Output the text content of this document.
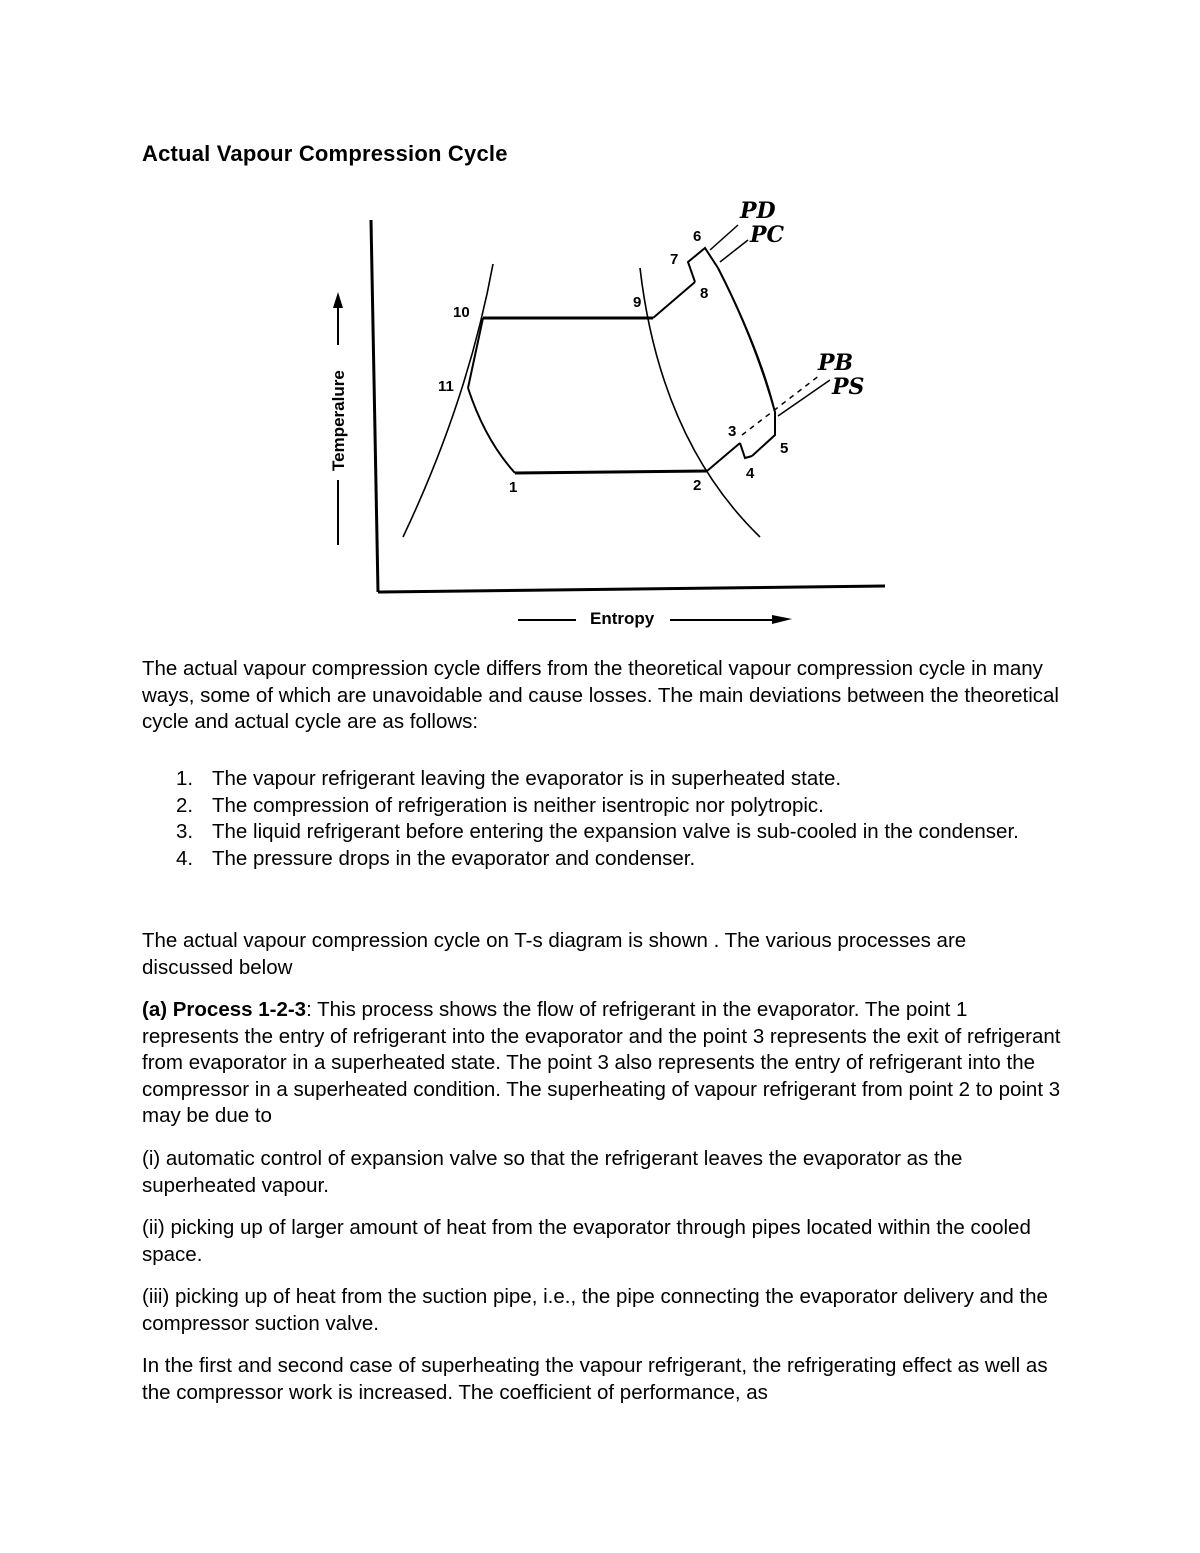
Actual Vapour Compression Cycle
Temperalure
Entropy
1	2
3
4
5
6
7
8
9
10
11
PD
PC
PB
PS

The actual vapour compression cycle differs from the theoretical vapour compression cycle in many ways, some of which are unavoidable and cause losses. The main deviations between the theoretical cycle and actual cycle are as follows:

1. The vapour refrigerant leaving the evaporator is in superheated state.
2. The compression of refrigeration is neither isentropic nor polytropic.
3. The liquid refrigerant before entering the expansion valve is sub-cooled in the condenser.
4. The pressure drops in the evaporator and condenser.

The actual vapour compression cycle on T-s diagram is shown . The various processes are discussed below

(a) Process 1-2-3: This process shows the flow of refrigerant in the evaporator. The point 1 represents the entry of refrigerant into the evaporator and the point 3 represents the exit of refrigerant from evaporator in a superheated state. The point 3 also represents the entry of refrigerant into the compressor in a superheated condition. The superheating of vapour refrigerant from point 2 to point 3 may be due to

(i) automatic control of expansion valve so that the refrigerant leaves the evaporator as the superheated vapour.

(ii) picking up of larger amount of heat from the evaporator through pipes located within the cooled space.

(iii) picking up of heat from the suction pipe, i.e., the pipe connecting the evaporator delivery and the compressor suction valve.

In the first and second case of superheating the vapour refrigerant, the refrigerating effect as well as the compressor work is increased. The coefficient of performance, as
